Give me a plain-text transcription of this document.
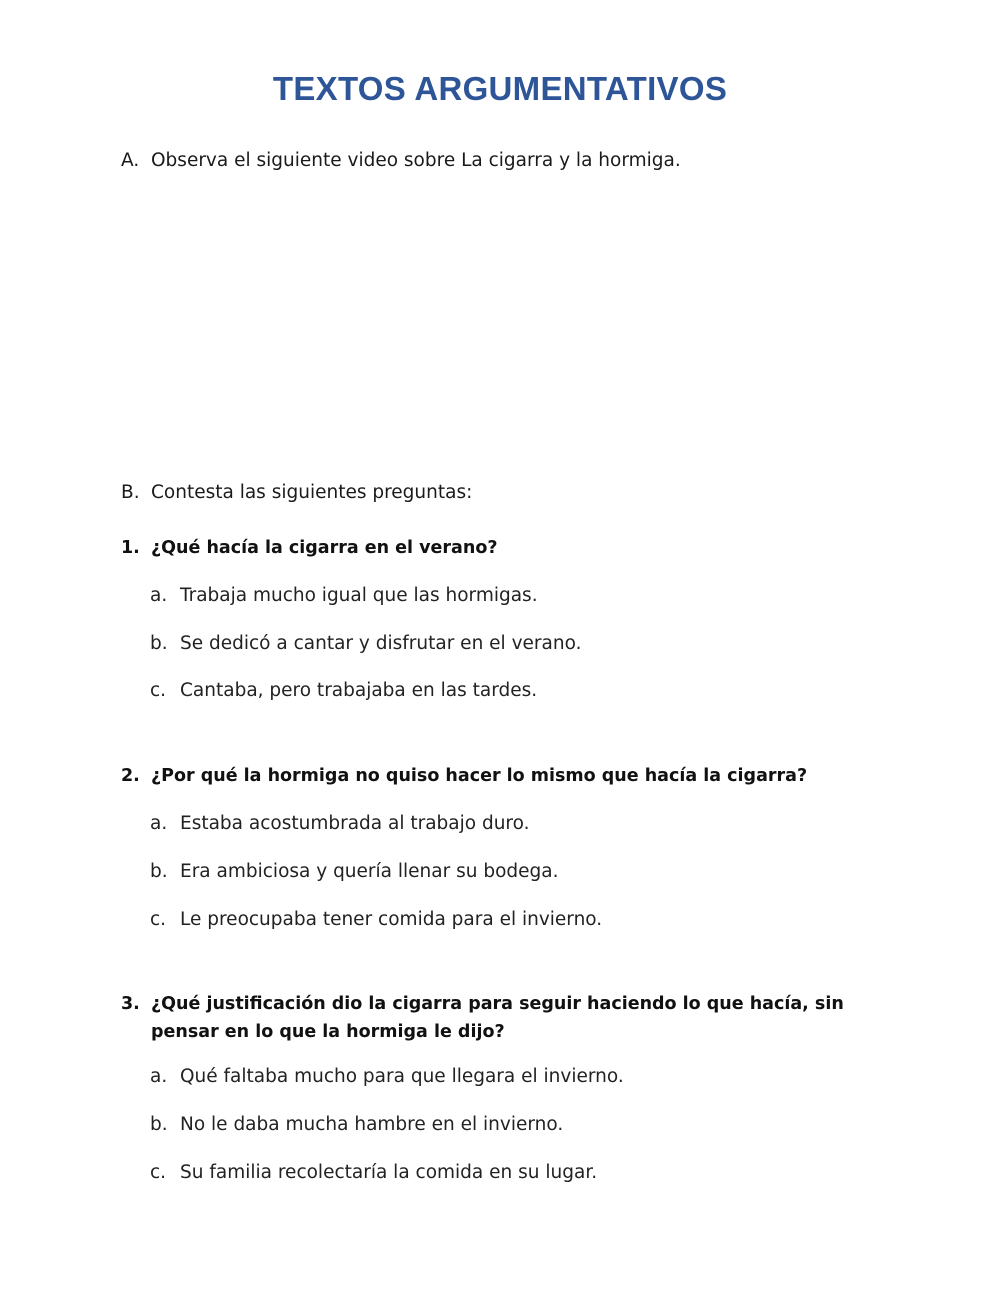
TEXTOS ARGUMENTATIVOS
A. Observa el siguiente video sobre La cigarra y la hormiga.
B. Contesta las siguientes preguntas:
1. ¿Qué hacía la cigarra en el verano?
a. Trabaja mucho igual que las hormigas.
b. Se dedicó a cantar y disfrutar en el verano.
c. Cantaba, pero trabajaba en las tardes.
2. ¿Por qué la hormiga no quiso hacer lo mismo que hacía la cigarra?
a. Estaba acostumbrada al trabajo duro.
b. Era ambiciosa y quería llenar su bodega.
c. Le preocupaba tener comida para el invierno.
3. ¿Qué justificación dio la cigarra para seguir haciendo lo que hacía, sin pensar en lo que la hormiga le dijo?
a. Qué faltaba mucho para que llegara el invierno.
b. No le daba mucha hambre en el invierno.
c. Su familia recolectaría la comida en su lugar.
